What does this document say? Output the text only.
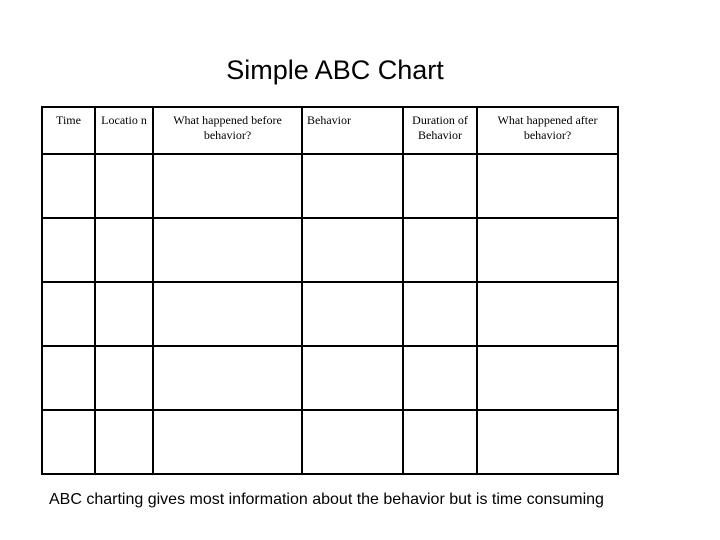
Simple ABC Chart
Time	Locatio n	What happened before behavior?	Behavior	Duration of Behavior	What happened after behavior?

ABC charting gives most information about the behavior but is time consuming
